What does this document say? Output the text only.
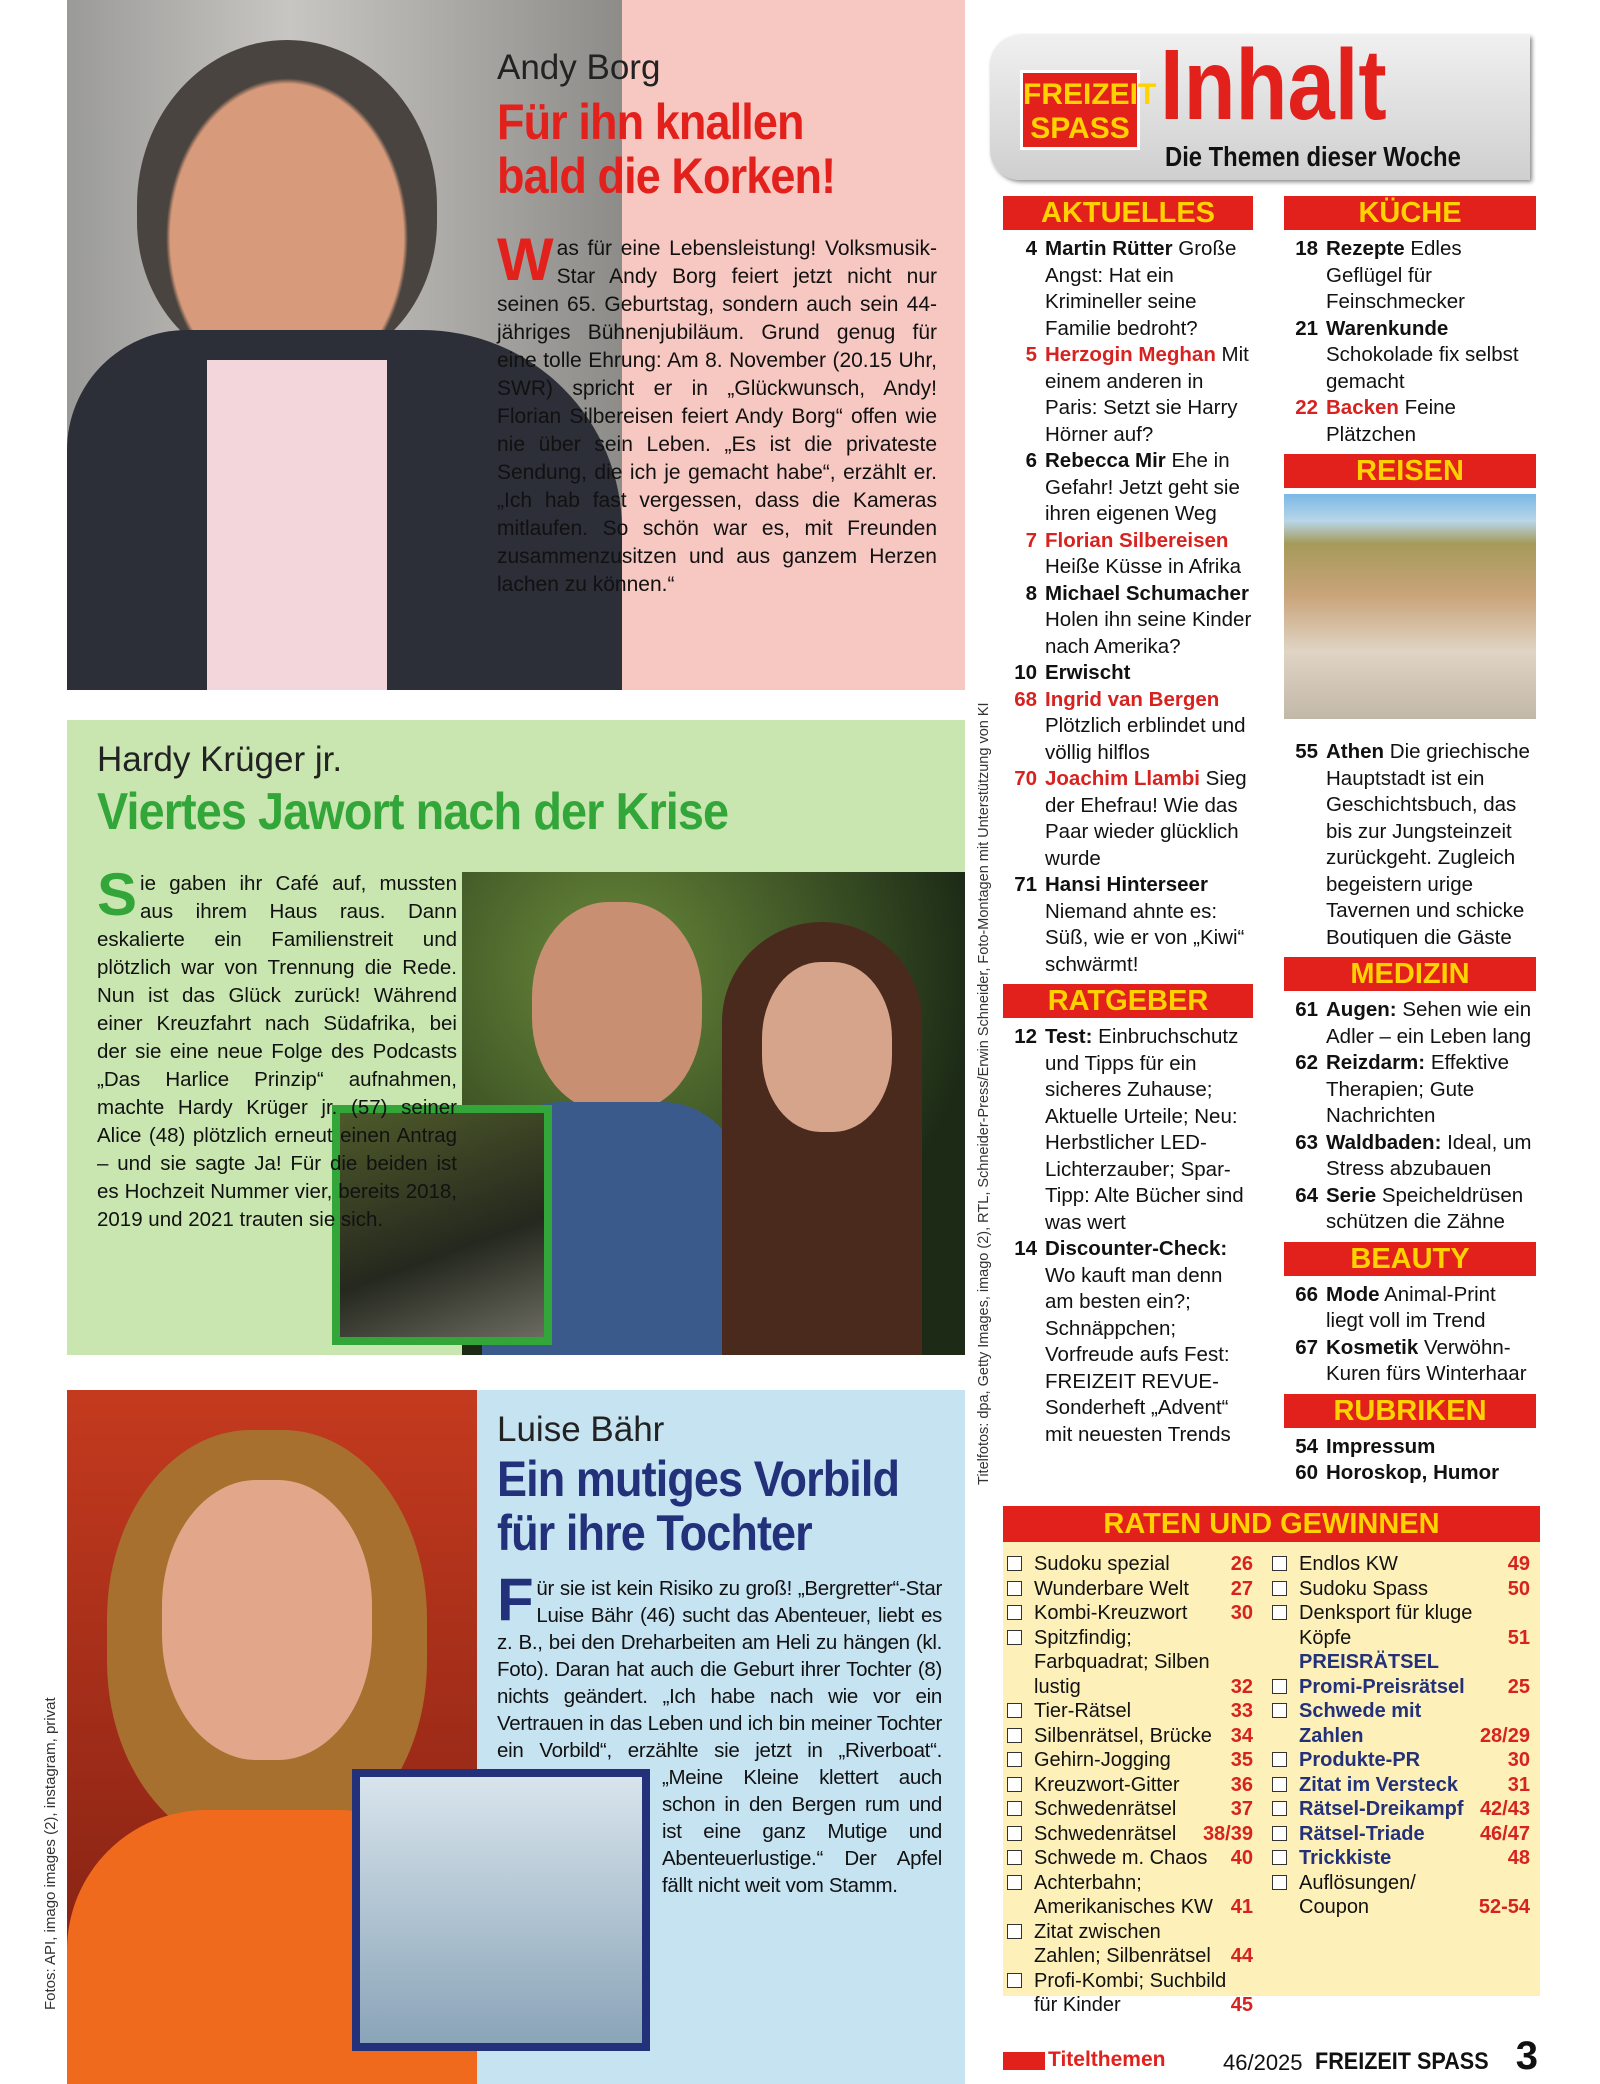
Andy Borg
Für ihn knallen
bald die Korken!
Was für eine Lebensleistung! Volksmusik-Star Andy Borg feiert jetzt nicht nur seinen 65. Geburtstag, sondern auch sein 44-jähriges Bühnenjubiläum. Grund genug für eine tolle Ehrung: Am 8. November (20.15 Uhr, SWR) spricht er in „Glückwunsch, Andy! Florian Silbereisen feiert Andy Borg“ offen wie nie über sein Leben. „Es ist die privateste Sendung, die ich je gemacht habe“, erzählt er. „Ich hab fast vergessen, dass die Kameras mitlaufen. So schön war es, mit Freunden zusammenzusitzen und aus ganzem Herzen lachen zu können.“
Hardy Krüger jr.
Viertes Jawort nach der Krise
Sie gaben ihr Café auf, mussten aus ihrem Haus raus. Dann eskalierte ein Familienstreit und plötzlich war von Trennung die Rede. Nun ist das Glück zurück! Während einer Kreuzfahrt nach Südafrika, bei der sie eine neue Folge des Podcasts „Das Harlice Prinzip“ aufnahmen, machte Hardy Krüger jr. (57) seiner Alice (48) plötzlich erneut einen Antrag – und sie sagte Ja! Für die beiden ist es Hochzeit Nummer vier, bereits 2018, 2019 und 2021 trauten sie sich.
Luise Bähr
Ein mutiges Vorbild
für ihre Tochter
Für sie ist kein Risiko zu groß! „Bergretter“-Star Luise Bähr (46) sucht das Abenteuer, liebt es z. B., bei den Dreharbeiten am Heli zu hängen (kl. Foto). Daran hat auch die Geburt ihrer Tochter (8) nichts geändert. „Ich habe nach wie vor ein Vertrauen in das Leben und ich bin meiner Tochter ein Vorbild“, erzählte sie jetzt in „Riverboat“. „Meine Kleine klettert auch schon in den Bergen rum und ist eine ganz Mutige und Abenteuerlustige.“ Der Apfel fällt nicht weit vom Stamm.
Fotos: API, imago images (2), instagram, privat
FREIZEIT
SPASS Inhalt
Die Themen dieser Woche
Titelfotos: dpa, Getty Images, imago (2), RTL, Schneider-Press/Erwin Schneider, Foto-Montagen mit Unterstützung von KI
AKTUELLES
4 Martin Rütter Große Angst: Hat ein Krimineller seine Familie bedroht?
5 Herzogin Meghan Mit einem anderen in Paris: Setzt sie Harry Hörner auf?
6 Rebecca Mir Ehe in Gefahr! Jetzt geht sie ihren eigenen Weg
7 Florian Silbereisen Heiße Küsse in Afrika
8 Michael Schumacher Holen ihn seine Kinder nach Amerika?
10 Erwischt
68 Ingrid van Bergen Plötzlich erblindet und völlig hilflos
70 Joachim Llambi Sieg der Ehefrau! Wie das Paar wieder glücklich wurde
71 Hansi Hinterseer Niemand ahnte es: Süß, wie er von „Kiwi“ schwärmt!
RATGEBER
12 Test: Einbruchschutz und Tipps für ein sicheres Zuhause; Aktuelle Urteile; Neu: Herbstlicher LED-Lichterzauber; Spar-Tipp: Alte Bücher sind was wert
14 Discounter-Check: Wo kauft man denn am besten ein?; Schnäppchen; Vorfreude aufs Fest: FREIZEIT REVUE-Sonderheft „Advent“ mit neuesten Trends
KÜCHE
18 Rezepte Edles Geflügel für Feinschmecker
21 Warenkunde Schokolade fix selbst gemacht
22 Backen Feine Plätzchen
REISEN
55 Athen Die griechische Hauptstadt ist ein Geschichtsbuch, das bis zur Jungsteinzeit zurückgeht. Zugleich begeistern urige Tavernen und schicke Boutiquen die Gäste
MEDIZIN
61 Augen: Sehen wie ein Adler – ein Leben lang
62 Reizdarm: Effektive Therapien; Gute Nachrichten
63 Waldbaden: Ideal, um Stress abzubauen
64 Serie Speicheldrüsen schützen die Zähne
BEAUTY
66 Mode Animal-Print liegt voll im Trend
67 Kosmetik Verwöhn-Kuren fürs Winterhaar
RUBRIKEN
54 Impressum
60 Horoskop, Humor
RATEN UND GEWINNEN
Sudoku spezial	26
Wunderbare Welt	27
Kombi-Kreuzwort	30
Spitzfindig; Farbquadrat; Silben lustig	32
Tier-Rätsel	33
Silbenrätsel, Brücke 34
Gehirn-Jogging	35
Kreuzwort-Gitter	36
Schwedenrätsel	37
Schwedenrätsel	38/39
Schwede m. Chaos	40
Achterbahn; Amerikanisches KW 41
Zitat zwischen Zahlen; Silbenrätsel 44
Profi-Kombi; Suchbild für Kinder	45
Endlos KW	49
Sudoku Spass	50
Denksport für kluge Köpfe	51
PREISRÄTSEL
Promi-Preisrätsel	25
Schwede mit Zahlen	28/29
Produkte-PR	30
Zitat im Versteck	31
Rätsel-Dreikampf 42/43
Rätsel-Triade	46/47
Trickkiste	48
Auflösungen/ Coupon	52-54
Titelthemen	46/2025 FREIZEIT SPASS 3
